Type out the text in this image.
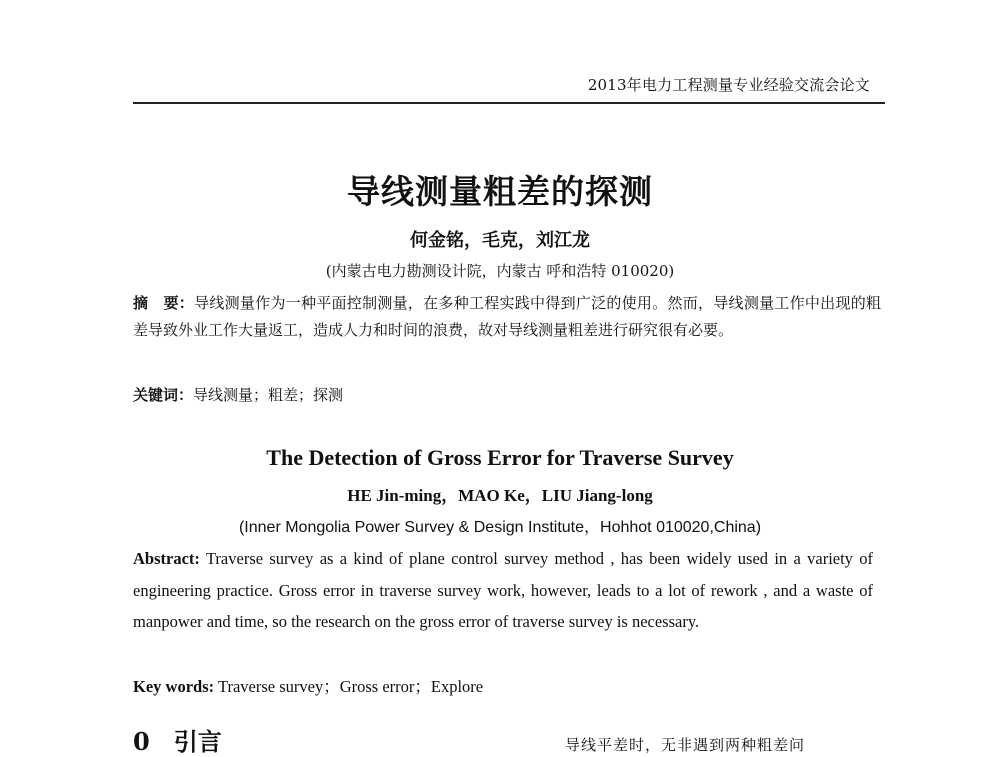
2013年电力工程测量专业经验交流会论文
导线测量粗差的探测
何金铭，毛克，刘江龙
(内蒙古电力勘测设计院，内蒙古 呼和浩特 010020)
摘　要：导线测量作为一种平面控制测量，在多种工程实践中得到广泛的使用。然而，导线测量工作中出现的粗差导致外业工作大量返工，造成人力和时间的浪费，故对导线测量粗差进行研究很有必要。
关键词：导线测量；粗差；探测
The Detection of Gross Error for Traverse Survey
HE Jin-ming，MAO Ke，LIU Jiang-long
(Inner Mongolia Power Survey & Design Institute，Hohhot 010020,China)
Abstract: Traverse survey as a kind of plane control survey method , has been widely used in a variety of engineering practice. Gross error in traverse survey work, however, leads to a lot of rework , and a waste of manpower and time, so the research on the gross error of traverse survey is necessary.
Key words: Traverse survey；Gross error；Explore
0 引言	导线平差时，无非遇到两种粗差问
